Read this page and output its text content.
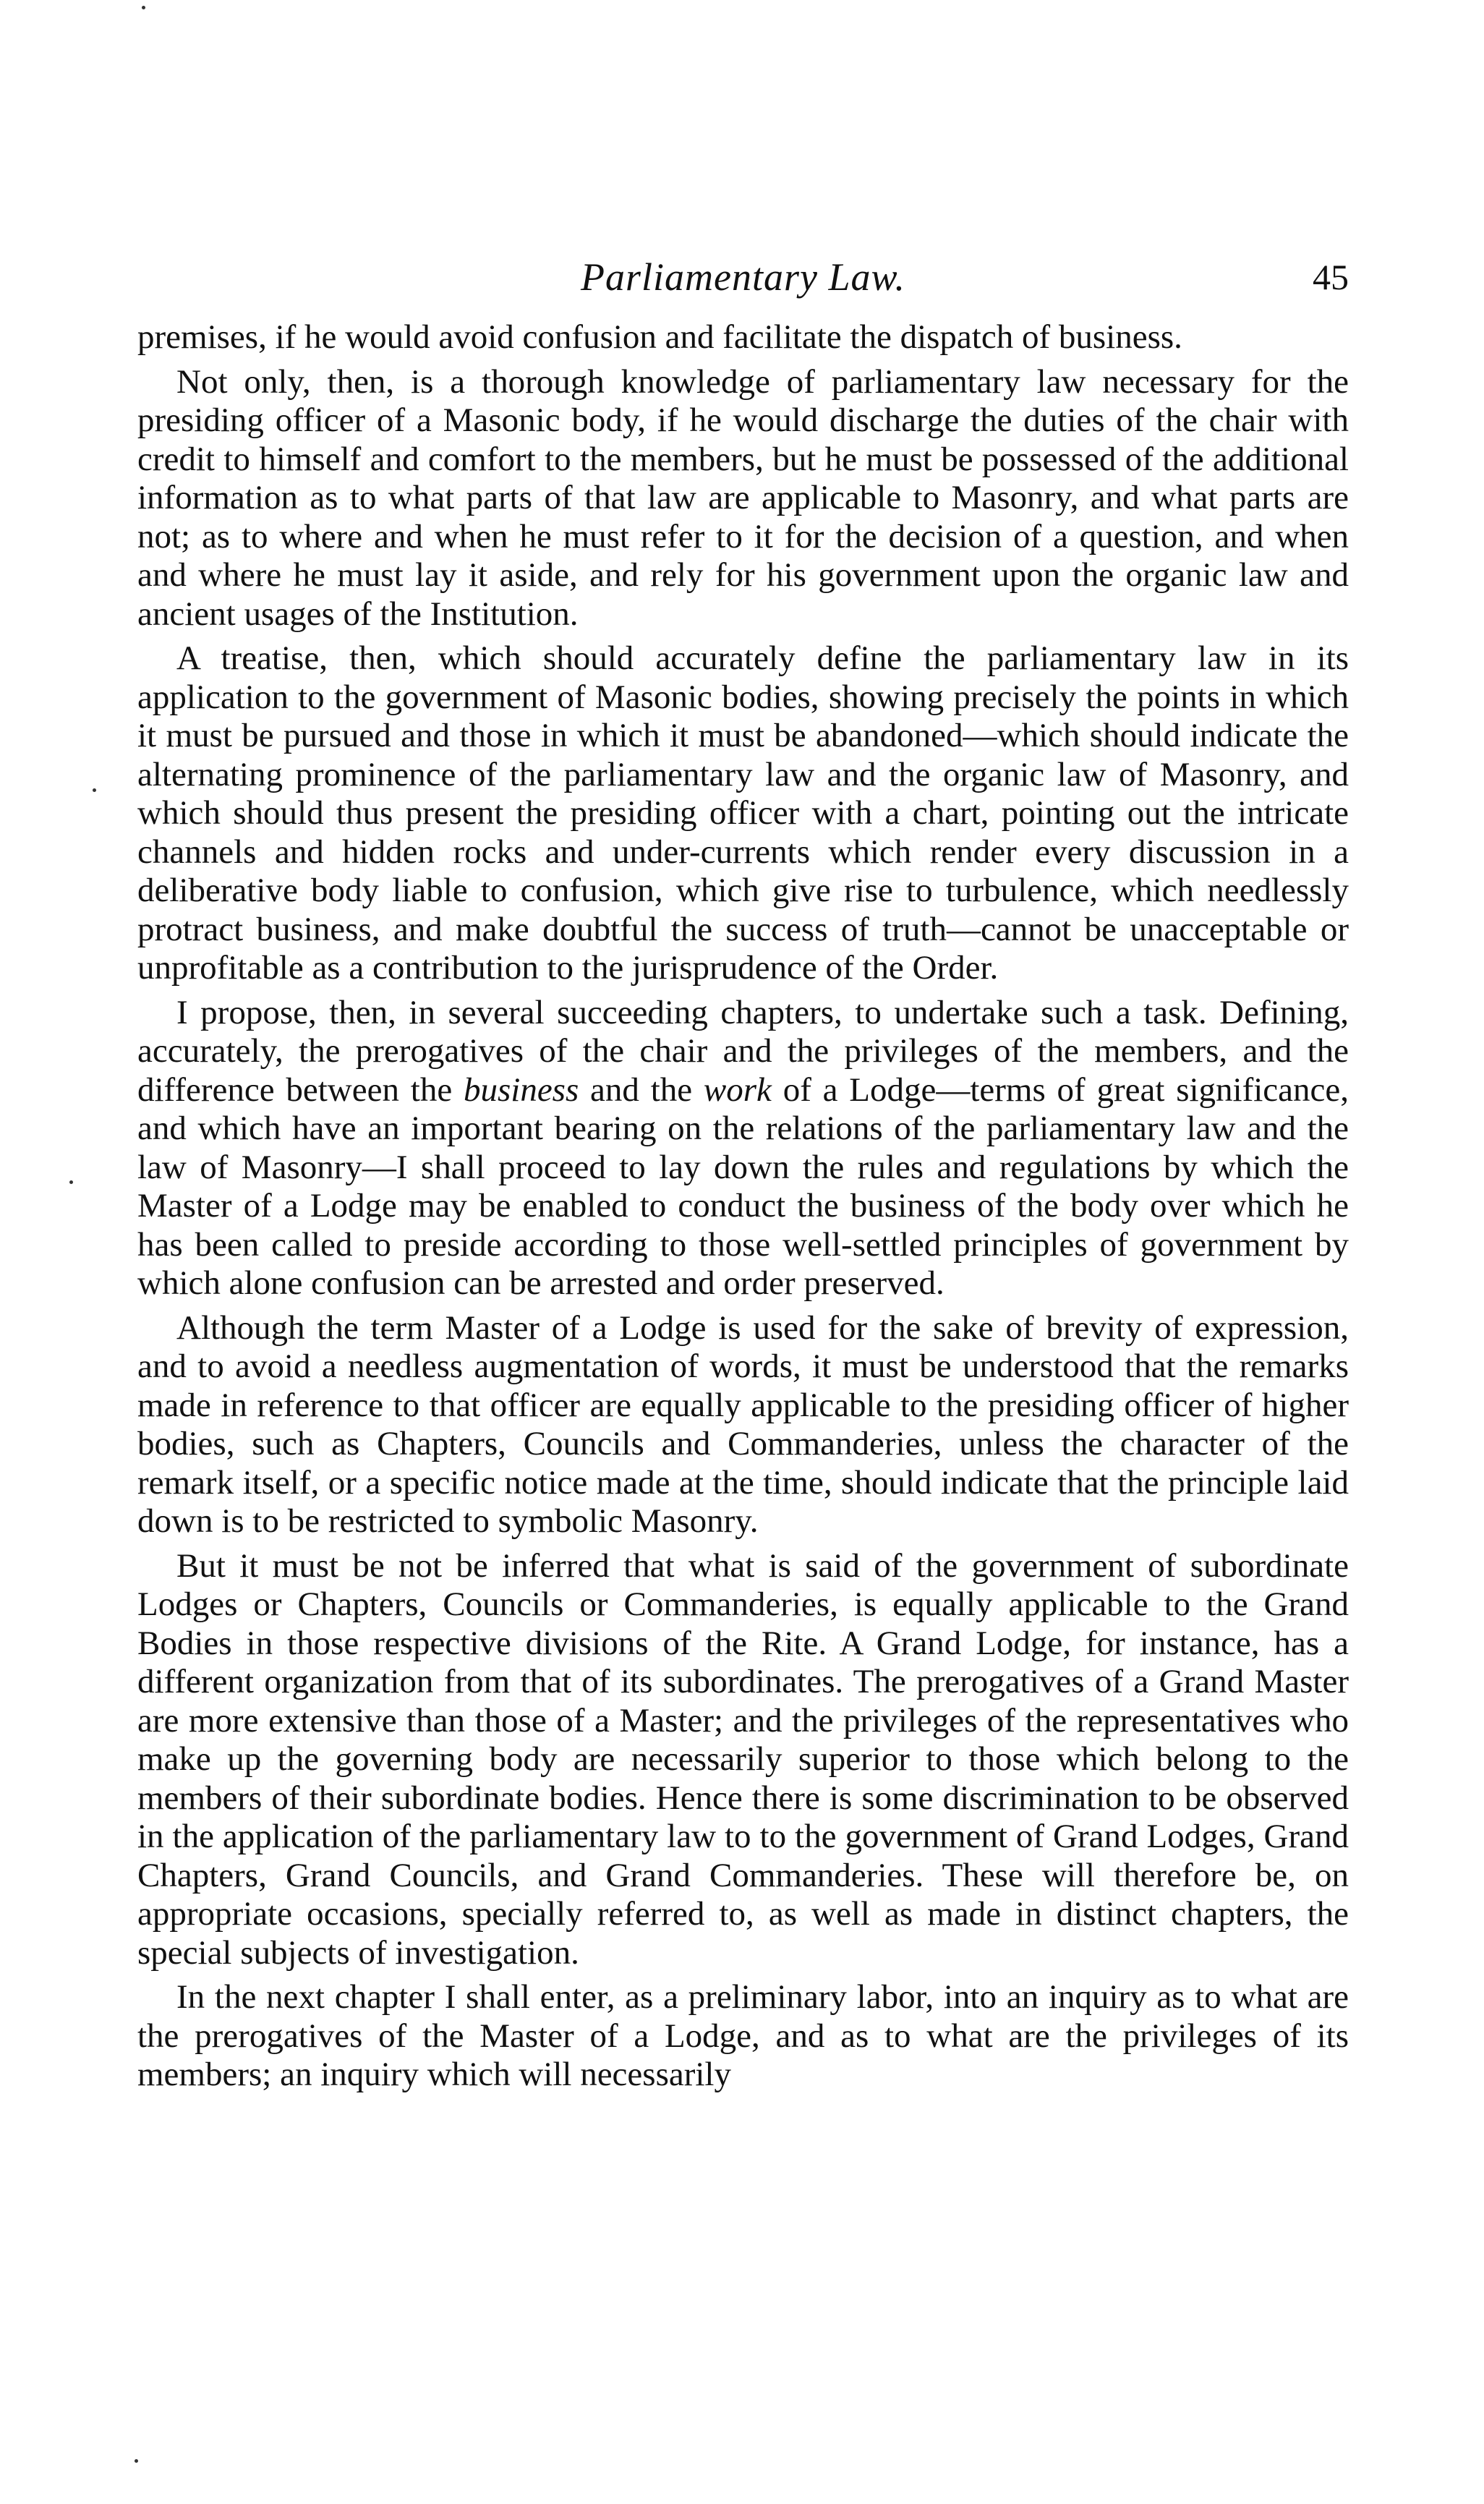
Parliamentary Law.	45

premises, if he would avoid confusion and facilitate the dispatch of business.

Not only, then, is a thorough knowledge of parliamentary law necessary for the presiding officer of a Masonic body, if he would discharge the duties of the chair with credit to himself and comfort to the members, but he must be possessed of the additional information as to what parts of that law are applicable to Masonry, and what parts are not; as to where and when he must refer to it for the decision of a question, and when and where he must lay it aside, and rely for his government upon the organic law and ancient usages of the Institution.

A treatise, then, which should accurately define the parliamentary law in its application to the government of Masonic bodies, showing precisely the points in which it must be pursued and those in which it must be abandoned—which should indicate the alternating prominence of the parliamentary law and the organic law of Masonry, and which should thus present the presiding officer with a chart, pointing out the intricate channels and hidden rocks and under-currents which render every discussion in a deliberative body liable to confusion, which give rise to turbulence, which needlessly protract business, and make doubtful the success of truth—cannot be unacceptable or unprofitable as a contribution to the jurisprudence of the Order.

I propose, then, in several succeeding chapters, to undertake such a task. Defining, accurately, the prerogatives of the chair and the privileges of the members, and the difference between the business and the work of a Lodge—terms of great significance, and which have an important bearing on the relations of the parliamentary law and the law of Masonry—I shall proceed to lay down the rules and regulations by which the Master of a Lodge may be enabled to conduct the business of the body over which he has been called to preside according to those well-settled principles of government by which alone confusion can be arrested and order preserved.

Although the term Master of a Lodge is used for the sake of brevity of expression, and to avoid a needless augmentation of words, it must be understood that the remarks made in reference to that officer are equally applicable to the presiding officer of higher bodies, such as Chapters, Councils and Commanderies, unless the character of the remark itself, or a specific notice made at the time, should indicate that the principle laid down is to be restricted to symbolic Masonry.

But it must be not be inferred that what is said of the government of subordinate Lodges or Chapters, Councils or Commanderies, is equally applicable to the Grand Bodies in those respective divisions of the Rite. A Grand Lodge, for instance, has a different organization from that of its subordinates. The prerogatives of a Grand Master are more extensive than those of a Master; and the privileges of the representatives who make up the governing body are necessarily superior to those which belong to the members of their subordinate bodies. Hence there is some discrimination to be observed in the application of the parliamentary law to to the government of Grand Lodges, Grand Chapters, Grand Councils, and Grand Commanderies. These will therefore be, on appropriate occasions, specially referred to, as well as made in distinct chapters, the special subjects of investigation.

In the next chapter I shall enter, as a preliminary labor, into an inquiry as to what are the prerogatives of the Master of a Lodge, and as to what are the privileges of its members; an inquiry which will necessarily
